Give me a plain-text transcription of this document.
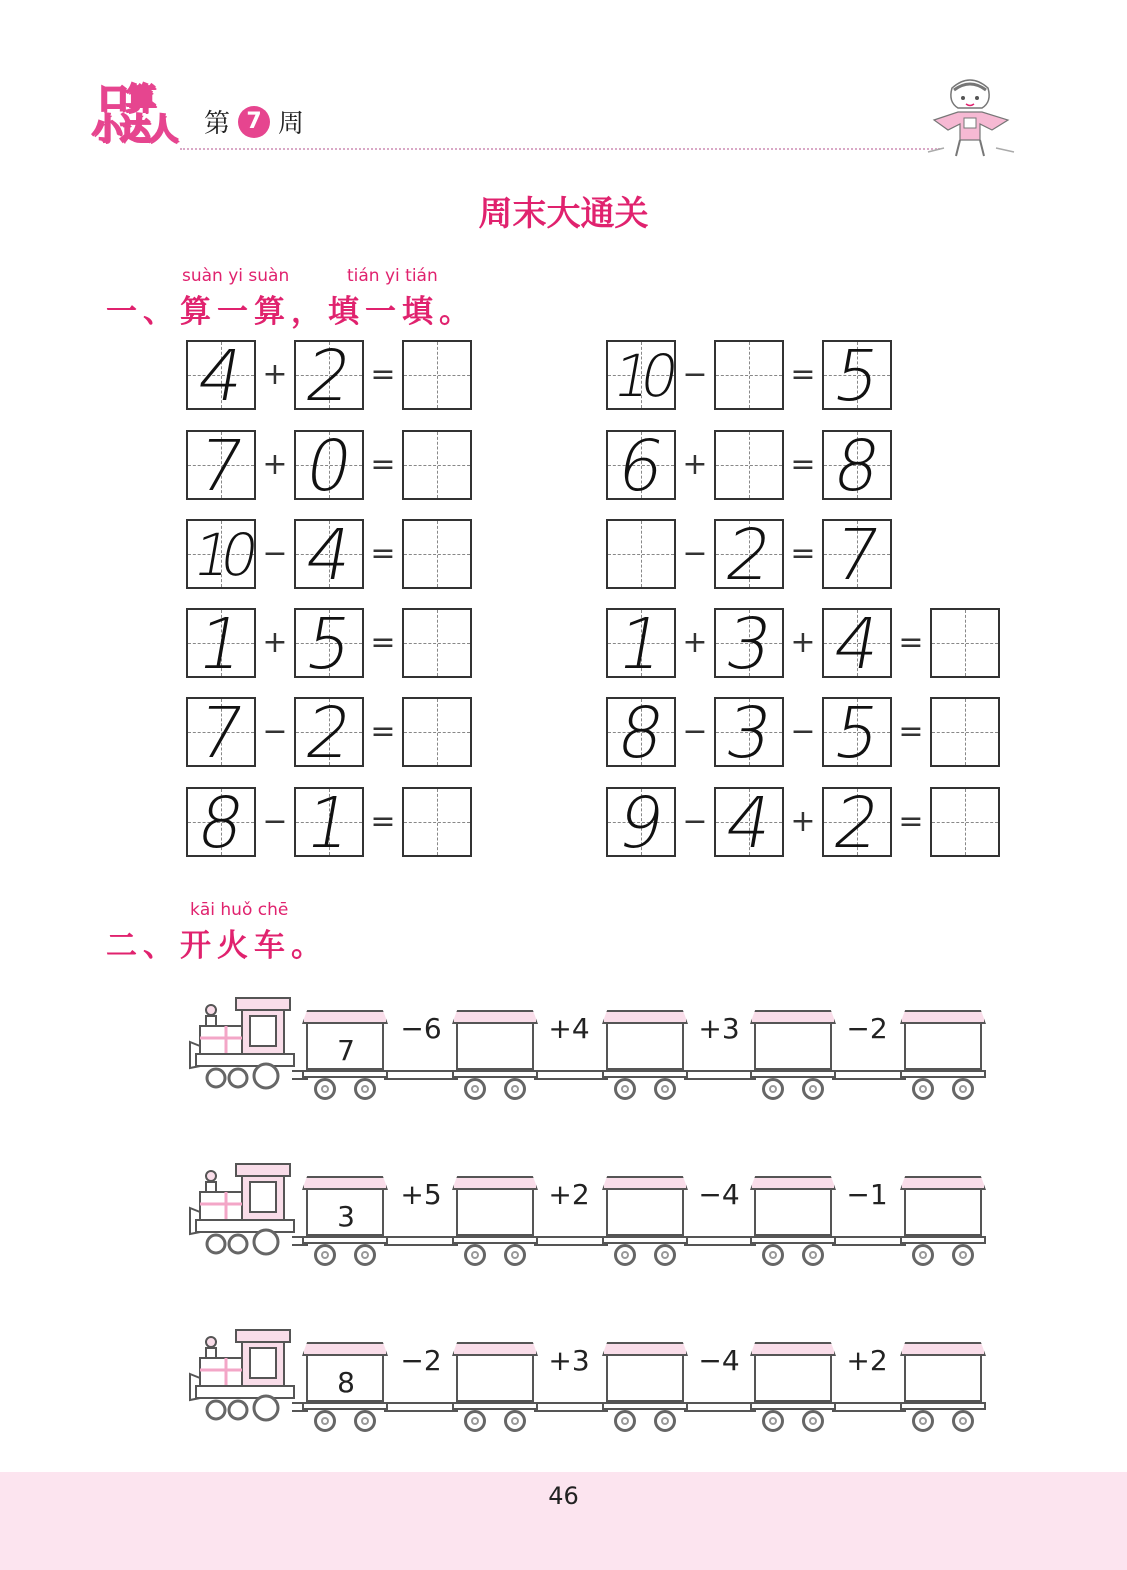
口算
小达人 第 7 周
周末大通关
suàn yi suàn	tián yi tián
一、算一算，填一填。
kāi huǒ chē
二、开火车。
46
4 + 2 =
7 + 0 =
10 − 4 =
1 + 5 =
7 − 2 =
8 − 1 =
10 −	= 5
6 +	= 8
− 2 = 7
1 + 3 + 4 =
8 − 3 − 5 =
9 − 4 + 2 =
7
−6	+4	+3	−2
3
+5	+2	−4	−1
8
−2	+3	−4	+2
